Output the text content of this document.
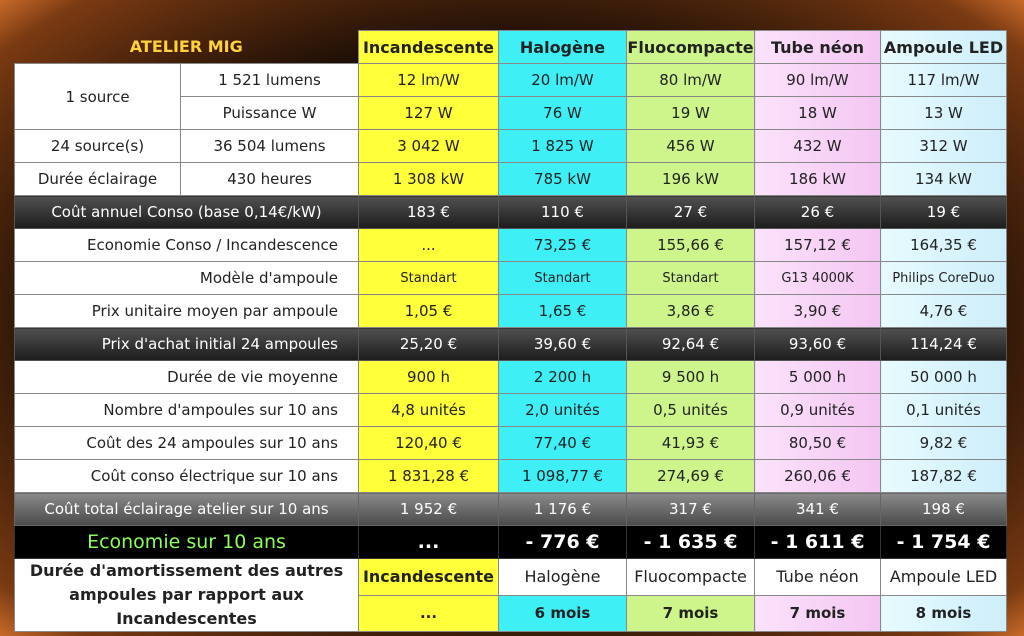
ATELIER MIG		Incandescente	Halogène	Fluocompacte	Tube néon	Ampoule LED
1 source	1 521 lumens	12 lm/W	20 lm/W	80 lm/W	90 lm/W	117 lm/W
	Puissance W	127 W	76 W	19 W	18 W	13 W
24 source(s)	36 504 lumens	3 042 W	1 825 W	456 W	432 W	312 W
Durée éclairage	430 heures	1 308 kW	785 kW	196 kW	186 kW	134 kW
Coût annuel Conso (base 0,14€/kW)		183 €	110 €	27 €	26 €	19 €
Economie Conso / Incandescence		...	73,25 €	155,66 €	157,12 €	164,35 €
Modèle d'ampoule		Standart	Standart	Standart	G13 4000K	Philips CoreDuo
Prix unitaire moyen par ampoule		1,05 €	1,65 €	3,86 €	3,90 €	4,76 €
Prix d'achat initial 24 ampoules		25,20 €	39,60 €	92,64 €	93,60 €	114,24 €
Durée de vie moyenne		900 h	2 200 h	9 500 h	5 000 h	50 000 h
Nombre d'ampoules sur 10 ans		4,8 unités	2,0 unités	0,5 unités	0,9 unités	0,1 unités
Coût des 24 ampoules sur 10 ans		120,40 €	77,40 €	41,93 €	80,50 €	9,82 €
Coût conso électrique sur 10 ans		1 831,28 €	1 098,77 €	274,69 €	260,06 €	187,82 €
Coût total éclairage atelier sur 10 ans		1 952 €	1 176 €	317 €	341 €	198 €
Economie sur 10 ans		...	- 776 €	- 1 635 €	- 1 611 €	- 1 754 €
Durée d'amortissement des autres ampoules par rapport aux Incandescentes		Incandescente	Halogène	Fluocompacte	Tube néon	Ampoule LED
		...	6 mois	7 mois	7 mois	8 mois
